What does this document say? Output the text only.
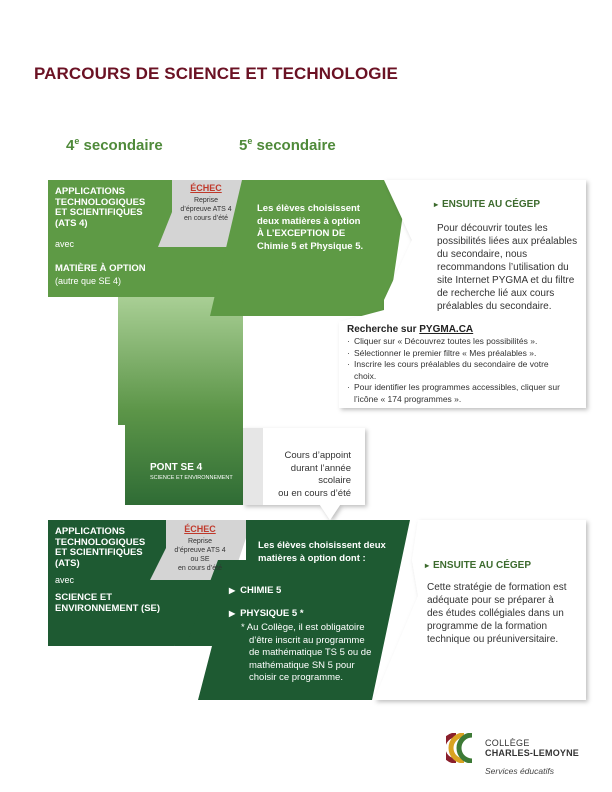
PARCOURS DE SCIENCE ET TECHNOLOGIE
4e secondaire	5e secondaire
APPLICATIONS
TECHNOLOGIQUES
ET SCIENTIFIQUES
(ATS 4)
avec
MATIÈRE À OPTION
(autre que SE 4)
ÉCHEC
Reprise
d’épreuve ATS 4
en cours d’été
Les élèves choisissent
deux matières à option
À L’EXCEPTION DE
Chimie 5 et Physique 5.
▸ ENSUITE AU CÉGEP
Pour découvrir toutes les
possibilités liées aux préalables
du secondaire, nous
recommandons l’utilisation du
site Internet PYGMA et du filtre
de recherche lié aux cours
préalables du secondaire.
Recherche sur PYGMA.CA
· Cliquer sur « Découvrez toutes les possibilités ».
· Sélectionner le premier filtre « Mes préalables ».
· Inscrire les cours préalables du secondaire de votre
choix.
· Pour identifier les programmes accessibles, cliquer sur
l’icône « 174 programmes ».
PONT SE 4
SCIENCE ET ENVIRONNEMENT
Cours d’appoint
durant l’année scolaire
ou en cours d’été
APPLICATIONS
TECHNOLOGIQUES
ET SCIENTIFIQUES
(ATS)
avec
SCIENCE ET
ENVIRONNEMENT (SE)
ÉCHEC
Reprise
d’épreuve ATS 4
ou SE
en cours d’été
Les élèves choisissent deux
matières à option dont :
▶ CHIMIE 5
▶ PHYSIQUE 5 *
* Au Collège, il est obligatoire
d’être inscrit au programme
de mathématique TS 5 ou de
mathématique SN 5 pour
choisir ce programme.
▸ ENSUITE AU CÉGEP
Cette stratégie de formation est
adéquate pour se préparer à
des études collégiales dans un
programme de la formation
technique ou préuniversitaire.
COLLÈGE
CHARLES-LEMOYNE
Services éducatifs
